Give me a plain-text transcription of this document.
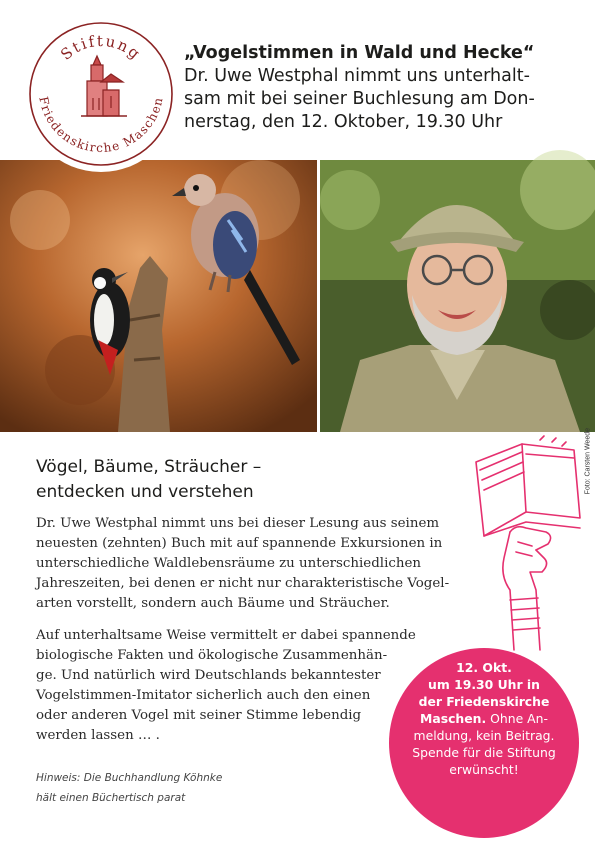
Stiftung
Friedenskirche Maschen
„Vogelstimmen in Wald und Hecke“
Dr. Uwe Westphal nimmt uns unterhalt-
sam mit bei seiner Buchlesung am Don-
nerstag, den 12. Oktober, 19.30 Uhr
Foto: Carsten Weede
Vögel, Bäume, Sträucher –
entdecken und verstehen

Dr. Uwe Westphal nimmt uns bei dieser Lesung aus seinem
neuesten (zehnten) Buch mit auf spannende Exkursionen in
unterschiedliche Waldlebensräume zu unterschiedlichen
Jahreszeiten, bei denen er nicht nur charakteristische Vogel-
arten vorstellt, sondern auch Bäume und Sträucher.

Auf unterhaltsame Weise vermittelt er dabei spannende
biologische Fakten und ökologische Zusammenhän-
ge. Und natürlich wird Deutschlands bekanntester
Vogelstimmen-Imitator sicherlich auch den einen
oder anderen Vogel mit seiner Stimme lebendig
werden lassen … .

Hinweis: Die Buchhandlung Köhnke
hält einen Büchertisch parat
12. Okt.
um 19.30 Uhr in
der Friedenskirche
Maschen. Ohne An-
meldung, kein Beitrag.
Spende für die Stiftung
erwünscht!
